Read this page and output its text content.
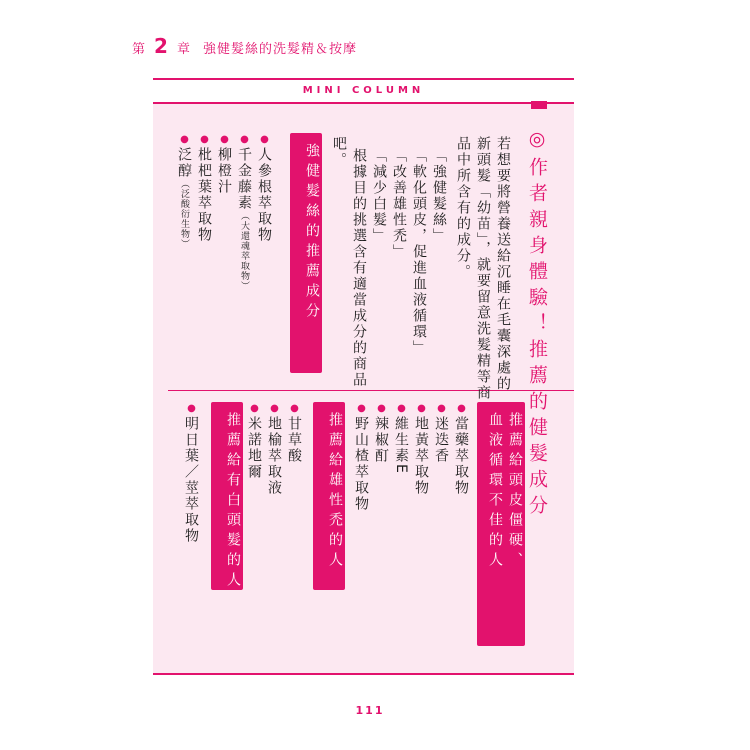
第 2 章 強健髮絲的洗髮精＆按摩
MINI COLUMN
◎作者親身體驗！推薦的健髮成分
若想要將營養送給沉睡在毛囊深處的
新頭髮「幼苗」，就要留意洗髮精等商
品中所含有的成分。
「強健髮絲」
「軟化頭皮，促進血液循環」
「改善雄性禿」
「減少白髮」
根據目的挑選含有適當成分的商品
吧。
強健髮絲的推薦成分
●人參根萃取物
●千金藤素（大還魂萃取物）
●柳橙汁
●枇杷葉萃取物
●泛醇（泛酸衍生物）
推薦給頭皮僵硬、
血液循環不佳的人
●當藥萃取物
●迷迭香
●地黃萃取物
●維生素E
●辣椒酊
●野山楂萃取物
推薦給雄性禿的人
●甘草酸
●地榆萃取液
●米諾地爾
推薦給有白頭髮的人
●明日葉／莖萃取物
111
